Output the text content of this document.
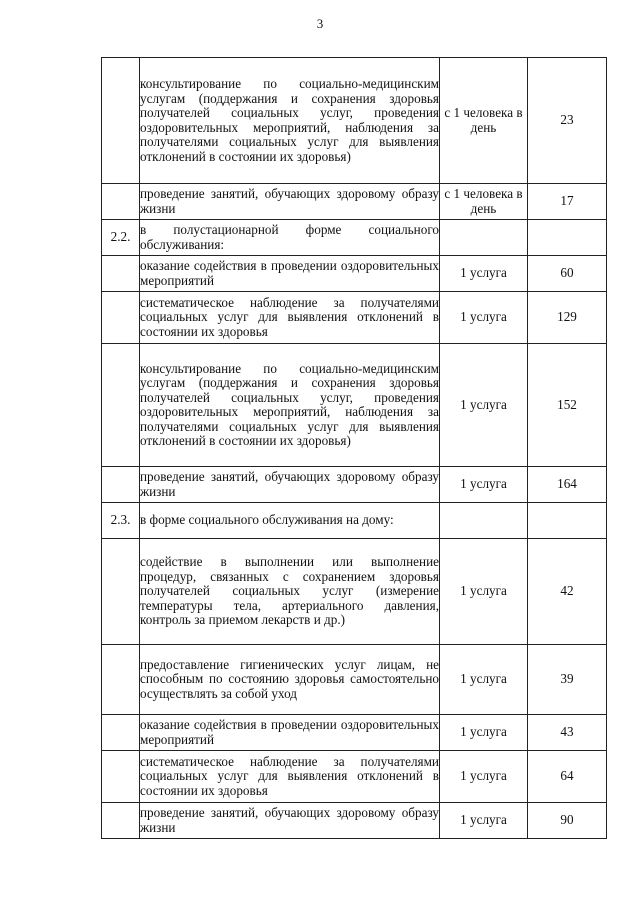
3
	консультирование по социально-медицинским услугам (поддержания и сохранения здоровья получателей социальных услуг, проведения оздоровительных мероприятий, наблюдения за получателями социальных услуг для выявления отклонений в состоянии их здоровья)	с 1 человека в день	23
	проведение занятий, обучающих здоровому образу жизни	с 1 человека в день	17
2.2.	в полустационарной форме социального обслуживания:		
	оказание содействия в проведении оздоровительных мероприятий	1 услуга	60
	систематическое наблюдение за получателями социальных услуг для выявления отклонений в состоянии их здоровья	1 услуга	129
	консультирование по социально-медицинским услугам (поддержания и сохранения здоровья получателей социальных услуг, проведения оздоровительных мероприятий, наблюдения за получателями социальных услуг для выявления отклонений в состоянии их здоровья)	1 услуга	152
	проведение занятий, обучающих здоровому образу жизни	1 услуга	164
2.3.	в форме социального обслуживания на дому:		
	содействие в выполнении или выполнение процедур, связанных с сохранением здоровья получателей социальных услуг (измерение температуры тела, артериального давления, контроль за приемом лекарств и др.)	1 услуга	42
	предоставление гигиенических услуг лицам, не способным по состоянию здоровья самостоятельно осуществлять за собой уход	1 услуга	39
	оказание содействия в проведении оздоровительных мероприятий	1 услуга	43
	систематическое наблюдение за получателями социальных услуг для выявления отклонений в состоянии их здоровья	1 услуга	64
	проведение занятий, обучающих здоровому образу жизни	1 услуга	90
